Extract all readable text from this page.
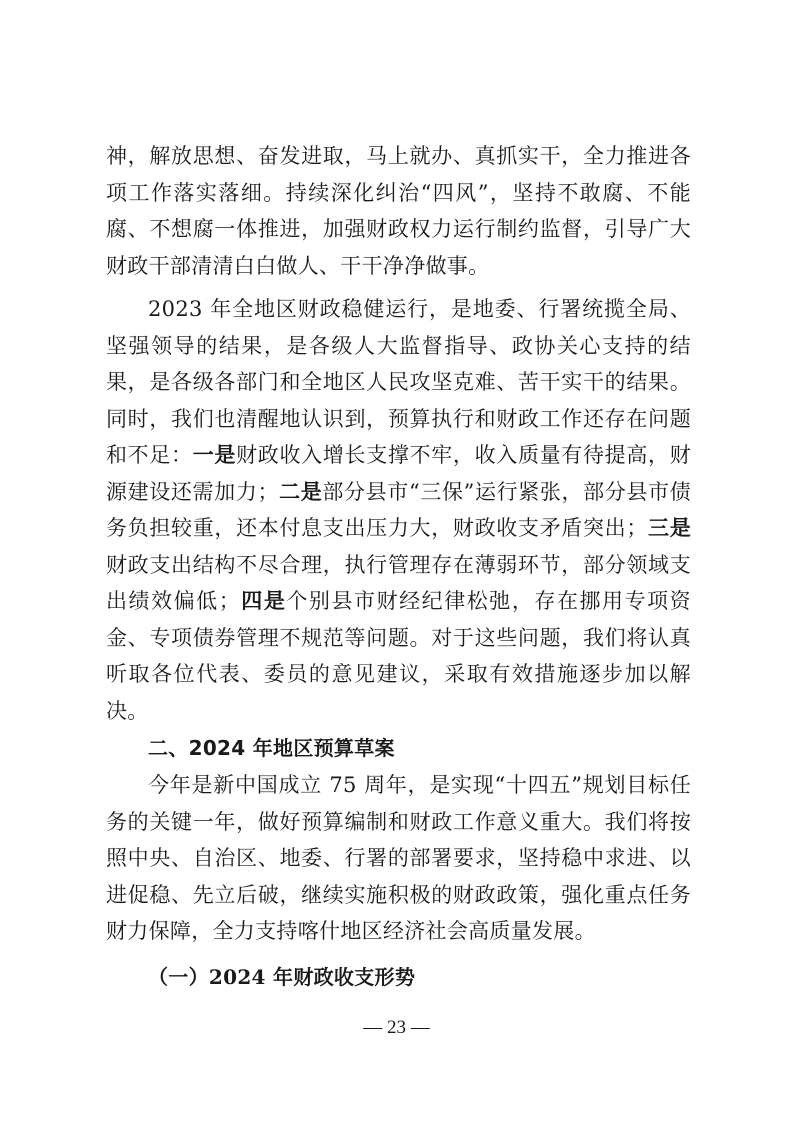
神，解放思想、奋发进取，马上就办、真抓实干，全力推进各项工作落实落细。持续深化纠治“四风”，坚持不敢腐、不能腐、不想腐一体推进，加强财政权力运行制约监督，引导广大财政干部清清白白做人、干干净净做事。

2023 年全地区财政稳健运行，是地委、行署统揽全局、坚强领导的结果，是各级人大监督指导、政协关心支持的结果，是各级各部门和全地区人民攻坚克难、苦干实干的结果。同时，我们也清醒地认识到，预算执行和财政工作还存在问题和不足：一是财政收入增长支撑不牢，收入质量有待提高，财源建设还需加力；二是部分县市“三保”运行紧张，部分县市债务负担较重，还本付息支出压力大，财政收支矛盾突出；三是财政支出结构不尽合理，执行管理存在薄弱环节，部分领域支出绩效偏低；四是个别县市财经纪律松弛，存在挪用专项资金、专项债券管理不规范等问题。对于这些问题，我们将认真听取各位代表、委员的意见建议，采取有效措施逐步加以解决。

二、2024 年地区预算草案

今年是新中国成立 75 周年，是实现“十四五”规划目标任务的关键一年，做好预算编制和财政工作意义重大。我们将按照中央、自治区、地委、行署的部署要求，坚持稳中求进、以进促稳、先立后破，继续实施积极的财政政策，强化重点任务财力保障，全力支持喀什地区经济社会高质量发展。

（一）2024 年财政收支形势
— 23 —
